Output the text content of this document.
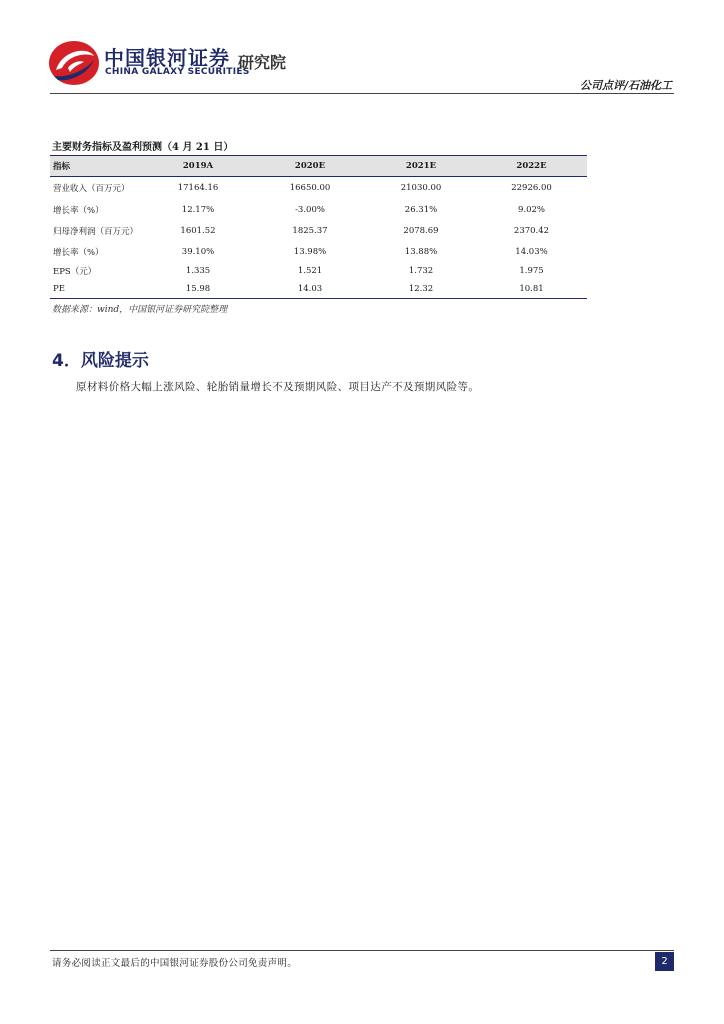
中国银河证券
CHINA GALAXY SECURITIES
研究院
公司点评/石油化工
主要财务指标及盈利预测（4 月 21 日）
指标	2019A	2020E	2021E	2022E
营业收入（百万元）	17164.16	16650.00	21030.00	22926.00
增长率（%）	12.17%	-3.00%	26.31%	9.02%
归母净利润（百万元）	1601.52	1825.37	2078.69	2370.42
增长率（%）	39.10%	13.98%	13.88%	14.03%
EPS（元）	1.335	1.521	1.732	1.975
PE	15.98	14.03	12.32	10.81
数据来源：wind，中国银河证券研究院整理
4．风险提示
原材料价格大幅上涨风险、轮胎销量增长不及预期风险、项目达产不及预期风险等。
请务必阅读正文最后的中国银河证券股份公司免责声明。	2
